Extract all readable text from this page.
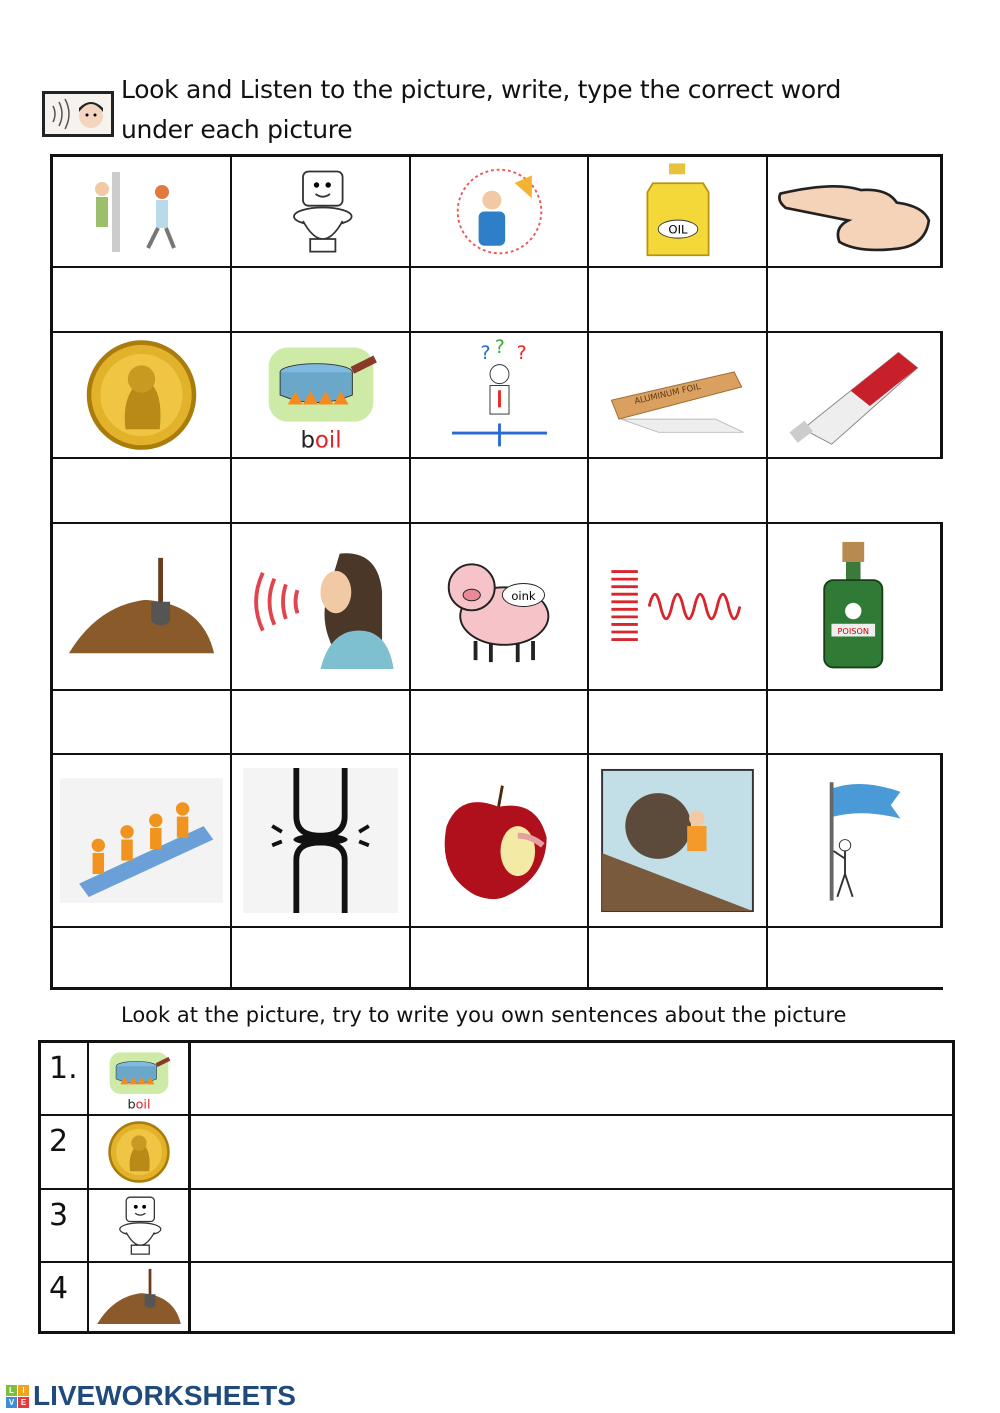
Look and Listen to the picture, write, type the correct word
under each picture
OIL
boil
? ? ?
ALUMINUM FOIL
oink
POISON
Look at the picture, try to write you own sentences about the picture
1.
boil
2
3
4
L	I
V E LIVEWORKSHEETS
